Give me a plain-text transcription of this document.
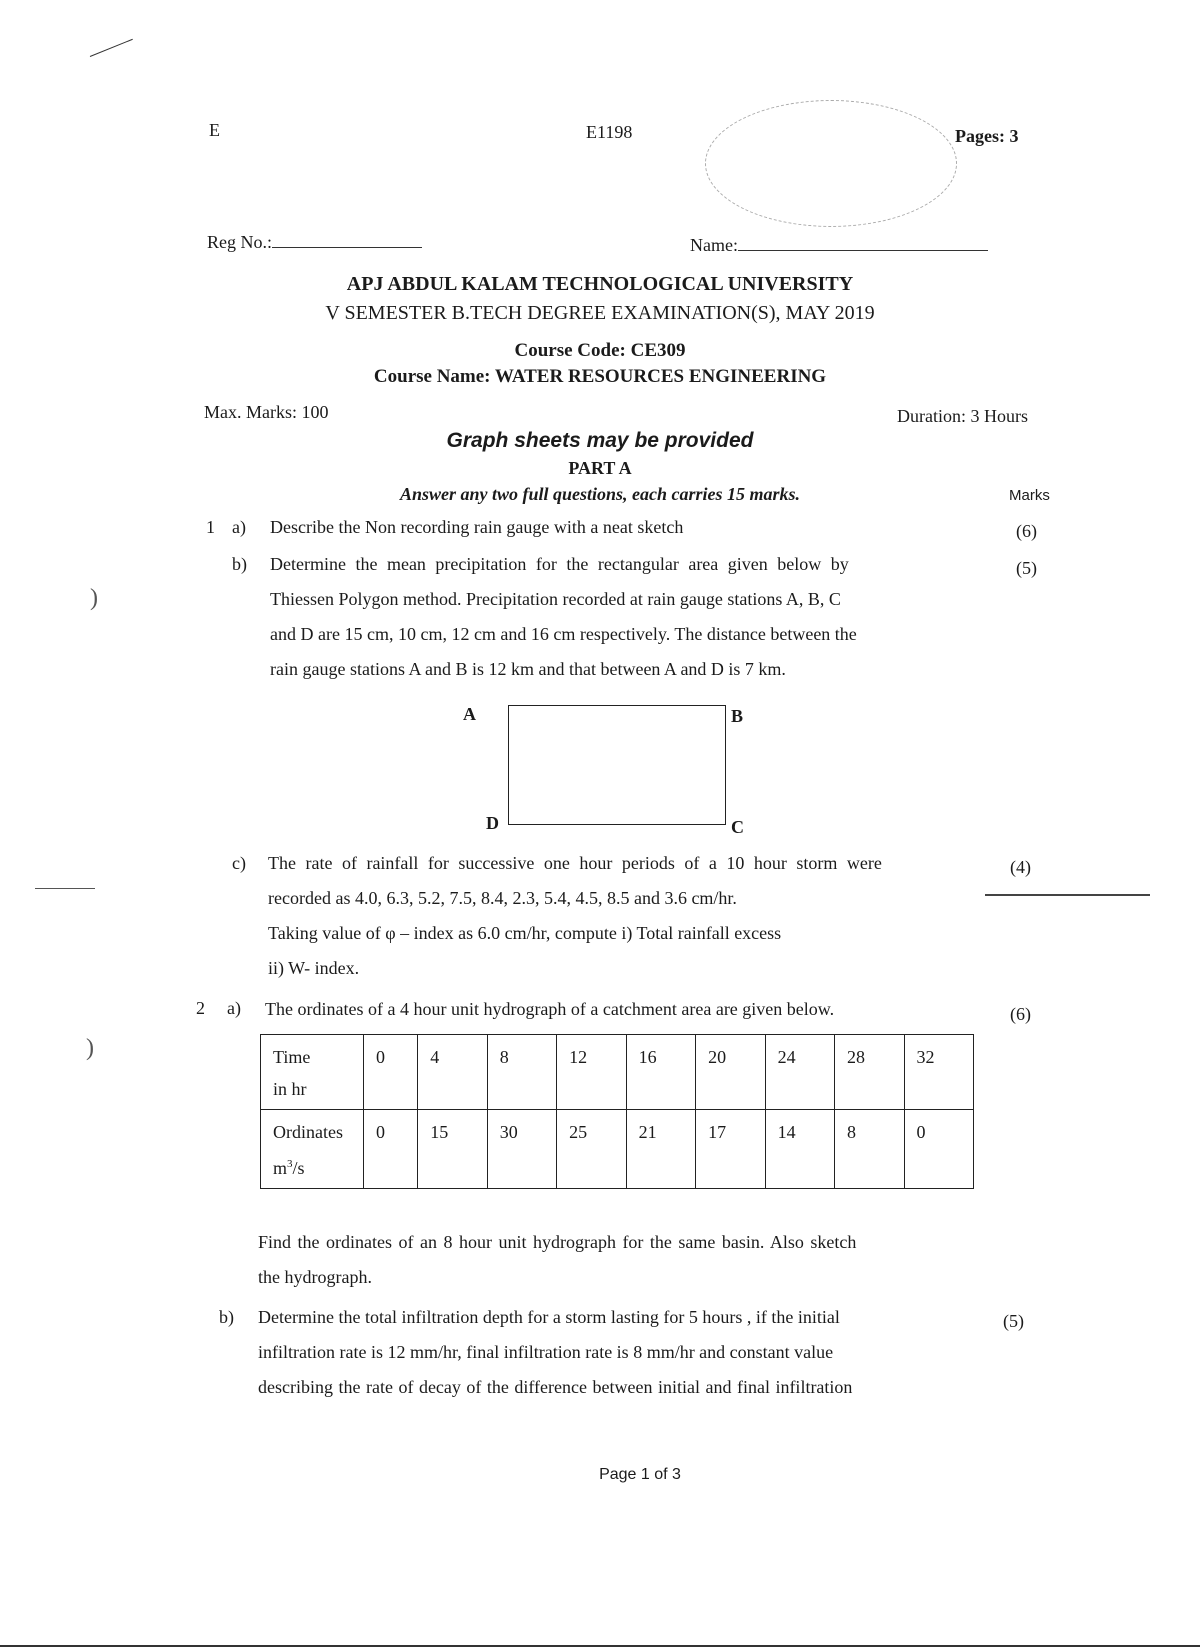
)
)
E	E1198	Pages: 3
Reg No.:	Name:
APJ ABDUL KALAM TECHNOLOGICAL UNIVERSITY
V SEMESTER B.TECH DEGREE EXAMINATION(S), MAY 2019
Course Code: CE309
Course Name: WATER RESOURCES ENGINEERING
Max. Marks: 100	Duration: 3 Hours
Graph sheets may be provided
PART A
Answer any two full questions, each carries 15 marks.	Marks
1 a) Describe the Non recording rain gauge with a neat sketch	(6)
b)	(5)
Determine the mean precipitation for the rectangular area given below by
Thiessen Polygon method. Precipitation recorded at rain gauge stations A, B, C
and D are 15 cm, 10 cm, 12 cm and 16 cm respectively. The distance between the
rain gauge stations A and B is 12 km and that between A and D is 7 km.
A	B
C
D
c)	(4)
The rate of rainfall for successive one hour periods of a 10 hour storm were
recorded as 4.0, 6.3, 5.2, 7.5, 8.4, 2.3, 5.4, 4.5, 8.5 and 3.6 cm/hr.
Taking value of φ – index as 6.0 cm/hr, compute i) Total rainfall excess
ii) W- index.
2 a) The ordinates of a 4 hour unit hydrograph of a catchment area are given below.	(6)
Time
in hr	0	4	8	12	16	20	24	28	32
Ordinates
$m^3/s$	0	15	30	25	21	17	14	8	0
Find the ordinates of an 8 hour unit hydrograph for the same basin. Also sketch
the hydrograph.
b)	(5)
Determine the total infiltration depth for a storm lasting for 5 hours , if the initial
infiltration rate is 12 mm/hr, final infiltration rate is 8 mm/hr and constant value
describing the rate of decay of the difference between initial and final infiltration
Page 1 of 3
